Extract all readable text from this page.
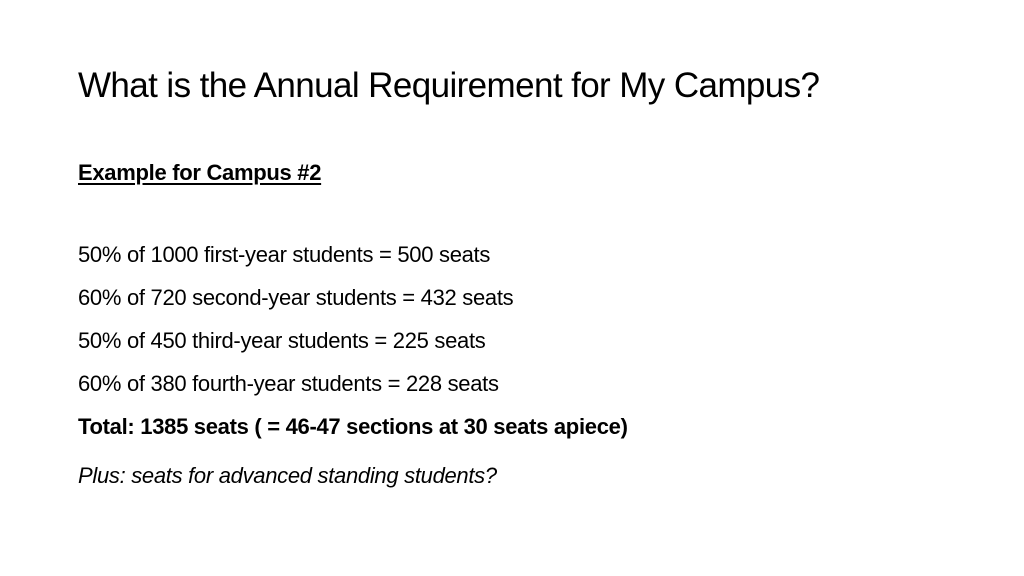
What is the Annual Requirement for My Campus?

Example for Campus #2

50% of 1000 first-year students = 500 seats
60% of 720 second-year students = 432 seats
50% of 450 third-year students = 225 seats
60% of 380 fourth-year students = 228 seats

Total: 1385 seats ( = 46-47 sections at 30 seats apiece)

Plus: seats for advanced standing students?
